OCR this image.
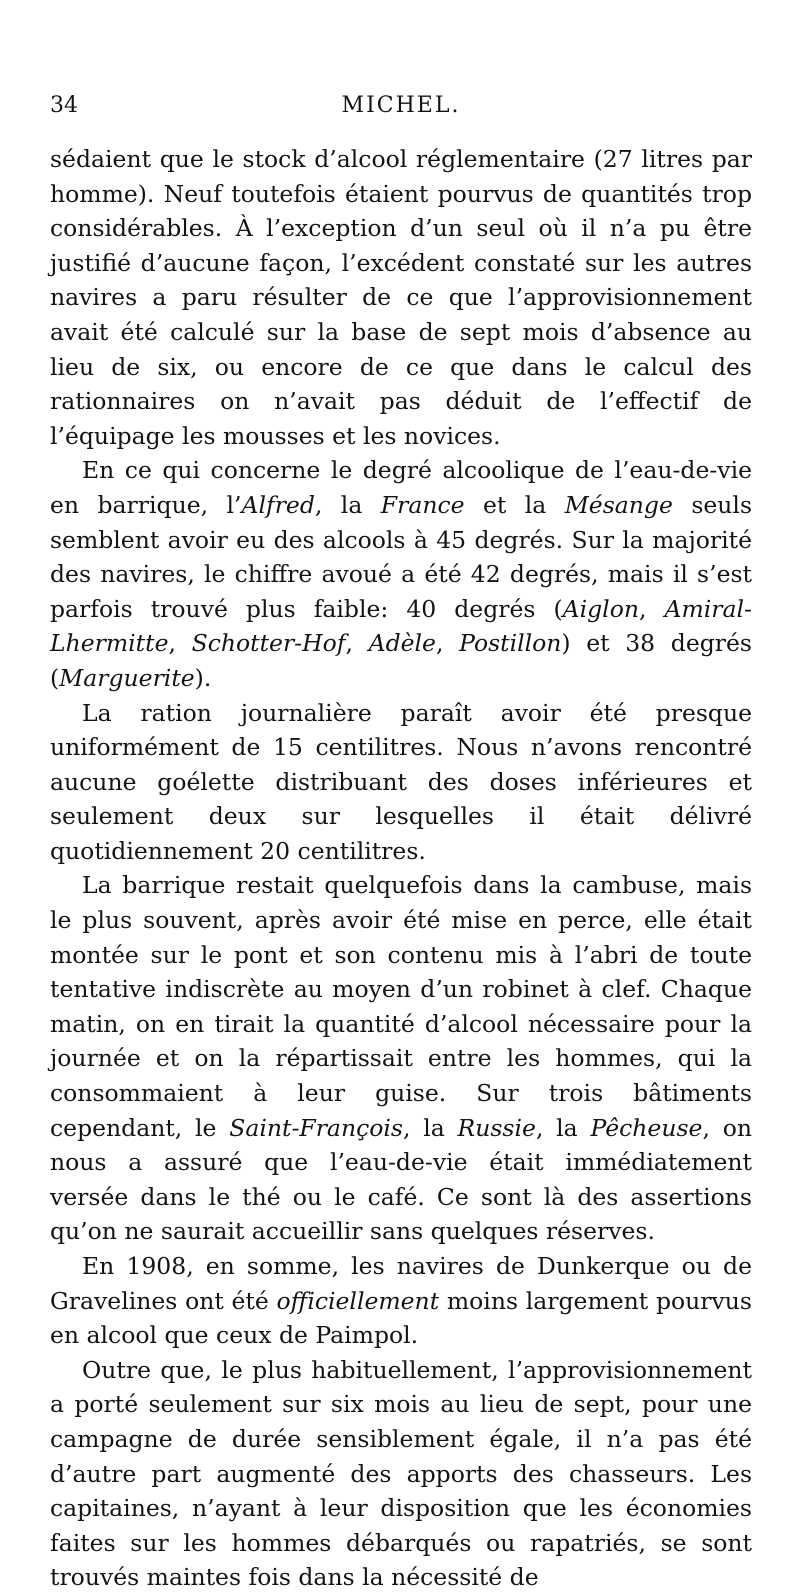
34	MICHEL.

sédaient que le stock d’alcool réglementaire (27 litres par homme). Neuf toutefois étaient pourvus de quantités trop considérables. À l’exception d’un seul où il n’a pu être justifié d’aucune façon, l’excédent constaté sur les autres navires a paru résulter de ce que l’approvisionnement avait été calculé sur la base de sept mois d’absence au lieu de six, ou encore de ce que dans le calcul des rationnaires on n’avait pas déduit de l’effectif de l’équipage les mousses et les novices.

En ce qui concerne le degré alcoolique de l’eau-de-vie en barrique, l’Alfred, la France et la Mésange seuls semblent avoir eu des alcools à 45 degrés. Sur la majorité des navires, le chiffre avoué a été 42 degrés, mais il s’est parfois trouvé plus faible: 40 degrés (Aiglon, Amiral-Lhermitte, Schotter-Hof, Adèle, Postillon) et 38 degrés (Marguerite).

La ration journalière paraît avoir été presque uniformément de 15 centilitres. Nous n’avons rencontré aucune goélette distribuant des doses inférieures et seulement deux sur lesquelles il était délivré quotidiennement 20 centilitres.

La barrique restait quelquefois dans la cambuse, mais le plus souvent, après avoir été mise en perce, elle était montée sur le pont et son contenu mis à l’abri de toute tentative indiscrète au moyen d’un robinet à clef. Chaque matin, on en tirait la quantité d’alcool nécessaire pour la journée et on la répartissait entre les hommes, qui la consommaient à leur guise. Sur trois bâtiments cependant, le Saint-François, la Russie, la Pêcheuse, on nous a assuré que l’eau-de-vie était immédiatement versée dans le thé ou le café. Ce sont là des assertions qu’on ne saurait accueillir sans quelques réserves.

En 1908, en somme, les navires de Dunkerque ou de Gravelines ont été officiellement moins largement pourvus en alcool que ceux de Paimpol.

Outre que, le plus habituellement, l’approvisionnement a porté seulement sur six mois au lieu de sept, pour une campagne de durée sensiblement égale, il n’a pas été d’autre part augmenté des apports des chasseurs. Les capitaines, n’ayant à leur disposition que les économies faites sur les hommes débarqués ou rapatriés, se sont trouvés maintes fois dans la nécessité de
